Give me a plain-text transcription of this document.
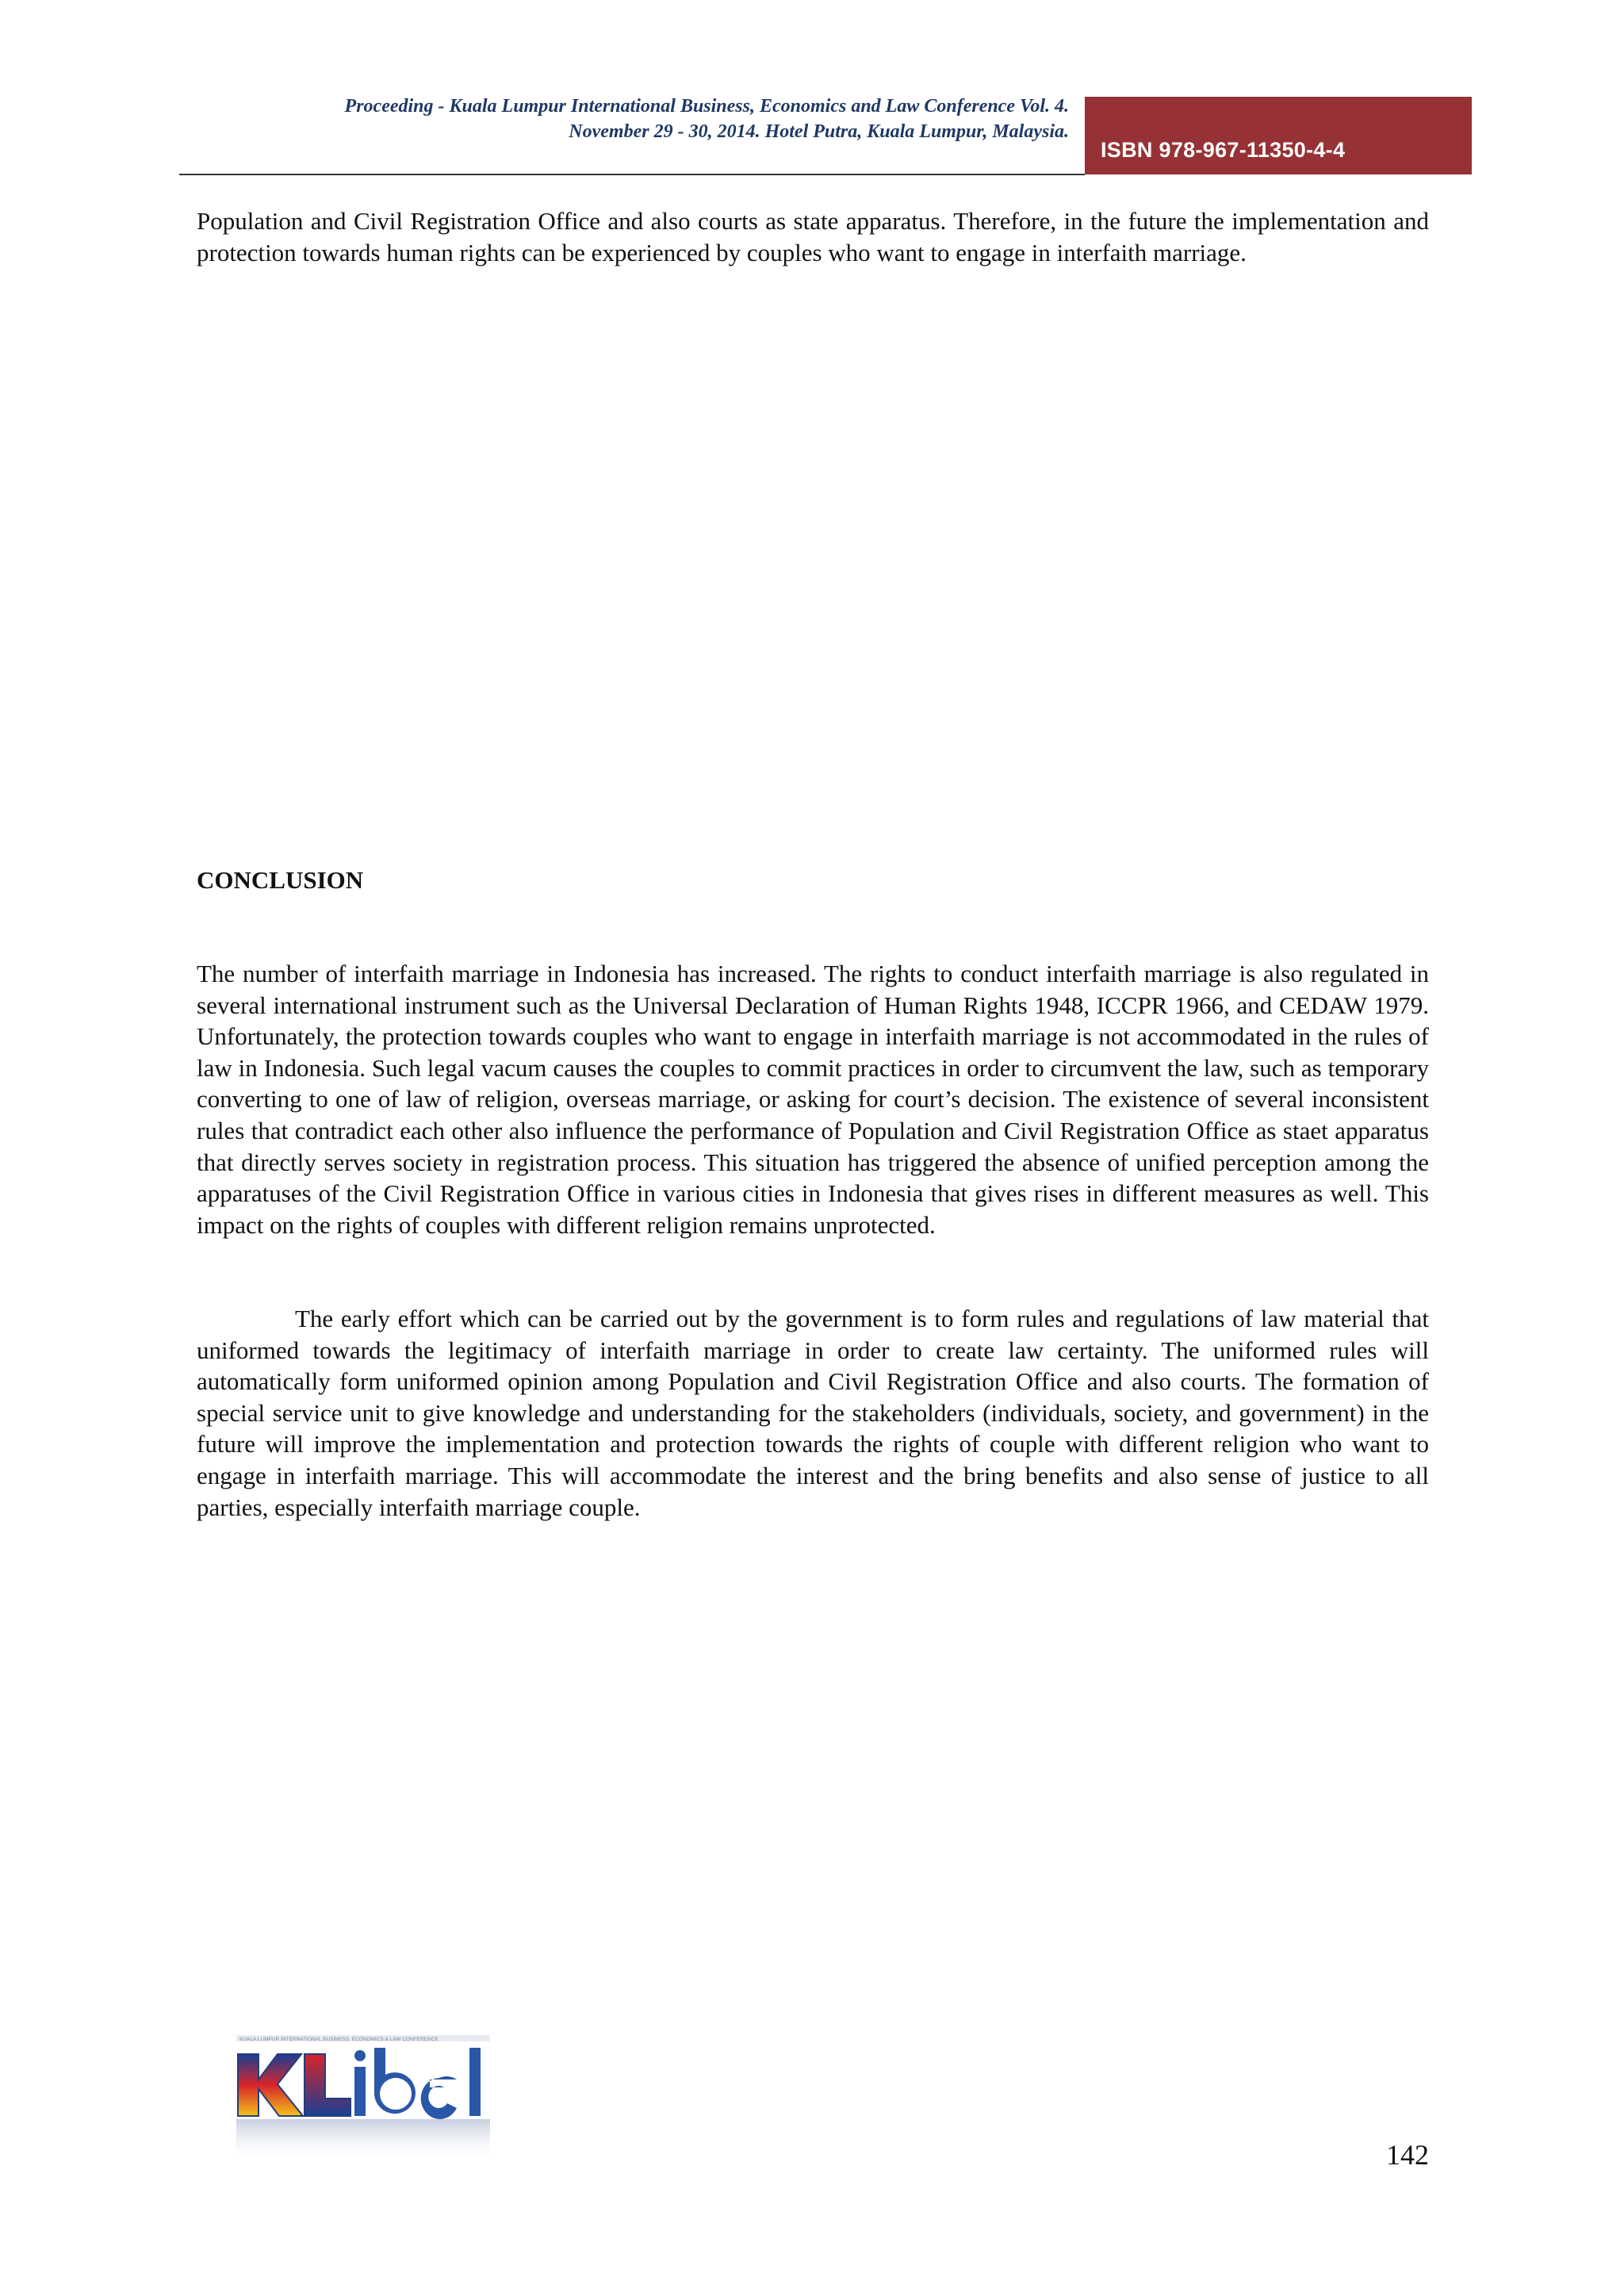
Proceeding - Kuala Lumpur International Business, Economics and Law Conference Vol. 4.
November 29 - 30, 2014. Hotel Putra, Kuala Lumpur, Malaysia.
ISBN 978-967-11350-4-4

Population and Civil Registration Office and also courts as state apparatus. Therefore, in the future the implementation and protection towards human rights can be experienced by couples who want to engage in interfaith marriage.

CONCLUSION

The number of interfaith marriage in Indonesia has increased. The rights to conduct interfaith marriage is also regulated in several international instrument such as the Universal Declaration of Human Rights 1948, ICCPR 1966, and CEDAW 1979. Unfortunately, the protection towards couples who want to engage in interfaith marriage is not accommodated in the rules of law in Indonesia. Such legal vacum causes the couples to commit practices in order to circumvent the law, such as temporary converting to one of law of religion, overseas marriage, or asking for court’s decision. The existence of several inconsistent rules that contradict each other also influence the performance of Population and Civil Registration Office as staet apparatus that directly serves society in registration process. This situation has triggered the absence of unified perception among the apparatuses of the Civil Registration Office in various cities in Indonesia that gives rises in different measures as well. This impact on the rights of couples with different religion remains unprotected.

The early effort which can be carried out by the government is to form rules and regulations of law material that uniformed towards the legitimacy of interfaith marriage in order to create law certainty. The uniformed rules will automatically form uniformed opinion among Population and Civil Registration Office and also courts. The formation of special service unit to give knowledge and understanding for the stakeholders (individuals, society, and government) in the future will improve the implementation and protection towards the rights of couple with different religion who want to engage in interfaith marriage. This will accommodate the interest and the bring benefits and also sense of justice to all parties, especially interfaith marriage couple.

KUALA LUMPUR INTERNATIONAL BUSINESS, ECONOMICS & LAW CONFERENCE
142
